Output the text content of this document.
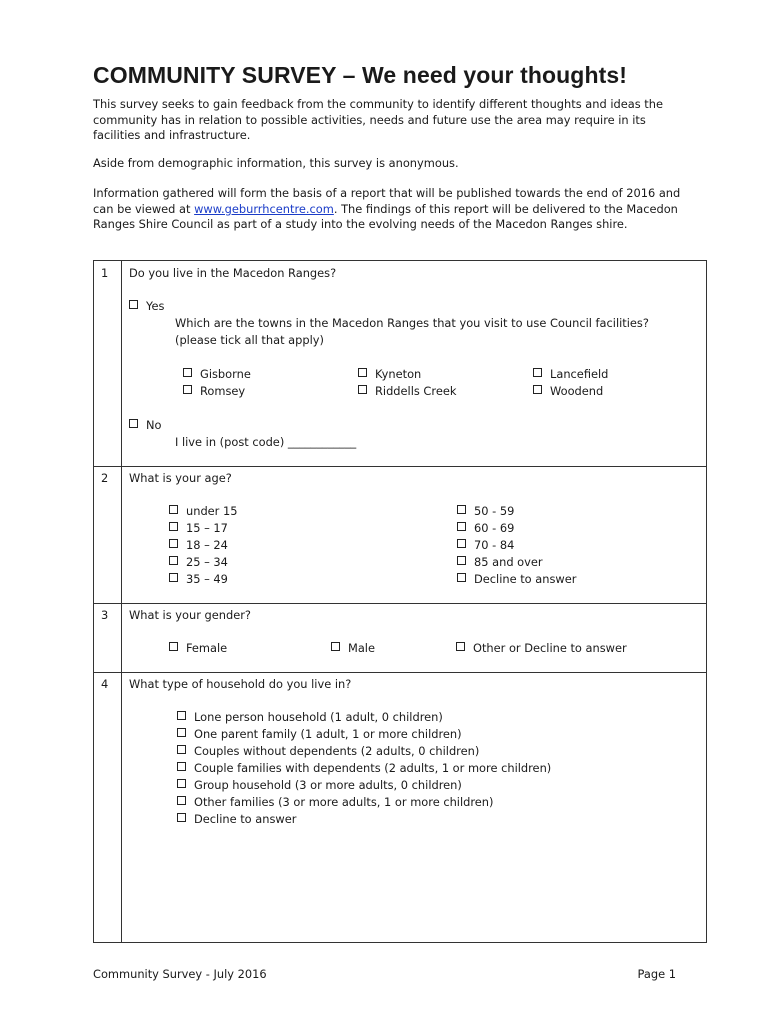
COMMUNITY SURVEY – We need your thoughts!

This survey seeks to gain feedback from the community to identify different thoughts and ideas the community has in relation to possible activities, needs and future use the area may require in its facilities and infrastructure.

Aside from demographic information, this survey is anonymous.

Information gathered will form the basis of a report that will be published towards the end of 2016 and can be viewed at www.geburrhcentre.com. The findings of this report will be delivered to the Macedon Ranges Shire Council as part of a study into the evolving needs of the Macedon Ranges shire.

1 Do you live in the Macedon Ranges?
Yes
Which are the towns in the Macedon Ranges that you visit to use Council facilities?
(please tick all that apply)
Gisborne	Kyneton	Lancefield
Romsey	Riddells Creek	Woodend
No
I live in (post code) ____________
2 What is your age?
under 15
15 – 17
18 – 24
25 – 34
35 – 49
50 - 59
60 - 69
70 - 84
85 and over
Decline to answer
3 What is your gender?
Female	Male	Other or Decline to answer
4 What type of household do you live in?
Lone person household (1 adult, 0 children)
One parent family (1 adult, 1 or more children)
Couples without dependents (2 adults, 0 children)
Couple families with dependents (2 adults, 1 or more children)
Group household (3 or more adults, 0 children)
Other families (3 or more adults, 1 or more children)
Decline to answer
Community Survey - July 2016	Page 1
